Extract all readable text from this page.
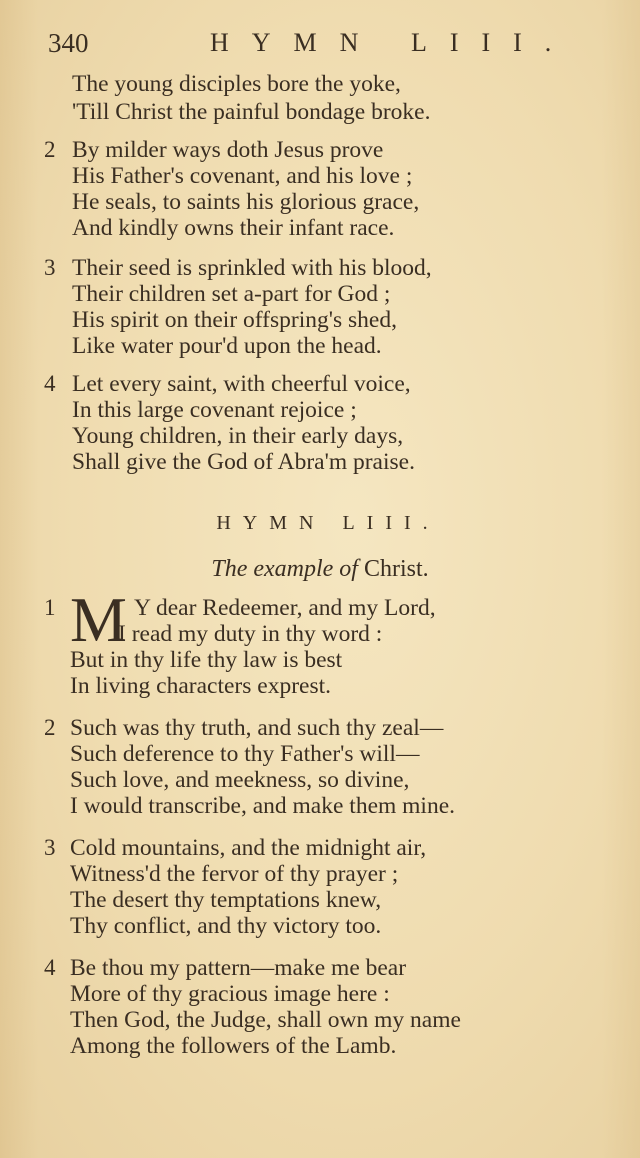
340	HYMN LIII.
The young disciples bore the yoke,
'Till Christ the painful bondage broke.
2 By milder ways doth Jesus prove
His Father's covenant, and his love ;
He seals, to saints his glorious grace,
And kindly owns their infant race.
3 Their seed is sprinkled with his blood,
Their children set a-part for God ;
His spirit on their offspring's shed,
Like water pour'd upon the head.
4 Let every saint, with cheerful voice,
In this large covenant rejoice ;
Young children, in their early days,
Shall give the God of Abra'm praise.
HYMN LIII.
The example of Christ.
M
1	Y dear Redeemer, and my Lord,
I read my duty in thy word :
But in thy life thy law is best
In living characters exprest.
2 Such was thy truth, and such thy zeal—
Such deference to thy Father's will—
Such love, and meekness, so divine,
I would transcribe, and make them mine.
3 Cold mountains, and the midnight air,
Witness'd the fervor of thy prayer ;
The desert thy temptations knew,
Thy conflict, and thy victory too.
4 Be thou my pattern—make me bear
More of thy gracious image here :
Then God, the Judge, shall own my name
Among the followers of the Lamb.
